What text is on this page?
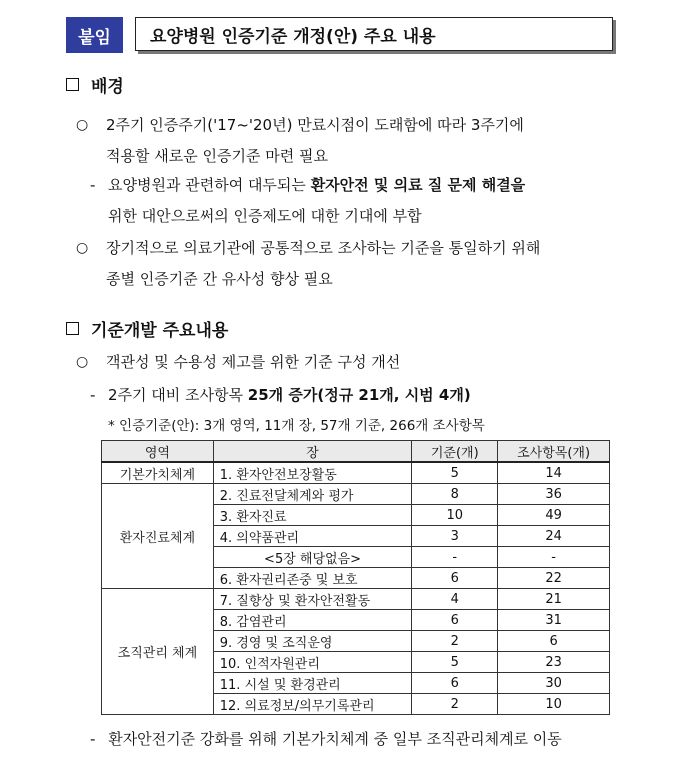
붙임	요양병원 인증기준 개정(안) 주요 내용
배경
○ 2주기 인증주기('17~'20년) 만료시점이 도래함에 따라 3주기에
적용할 새로운 인증기준 마련 필요
- 요양병원과 관련하여 대두되는 환자안전 및 의료 질 문제 해결을
위한 대안으로써의 인증제도에 대한 기대에 부합
○ 장기적으로 의료기관에 공통적으로 조사하는 기준을 통일하기 위해
종별 인증기준 간 유사성 향상 필요
기준개발 주요내용
○ 객관성 및 수용성 제고를 위한 기준 구성 개선
- 2주기 대비 조사항목 25개 증가(정규 21개, 시범 4개)
* 인증기준(안): 3개 영역, 11개 장, 57개 기준, 266개 조사항목
영역	장	기준(개)	조사항목(개)
기본가치체계	1. 환자안전보장활동	5	14
환자진료체계	2. 진료전달체계와 평가	8	36
	3. 환자진료	10	49
	4. 의약품관리	3	24
	<5장 해당없음>	-	-
	6. 환자권리존중 및 보호	6	22
조직관리 체계	7. 질향상 및 환자안전활동	4	21
	8. 감염관리	6	31
	9. 경영 및 조직운영	2	6
	10. 인적자원관리	5	23
	11. 시설 및 환경관리	6	30
	12. 의료정보/의무기록관리	2	10
- 환자안전기준 강화를 위해 기본가치체계 중 일부 조직관리체계로 이동
